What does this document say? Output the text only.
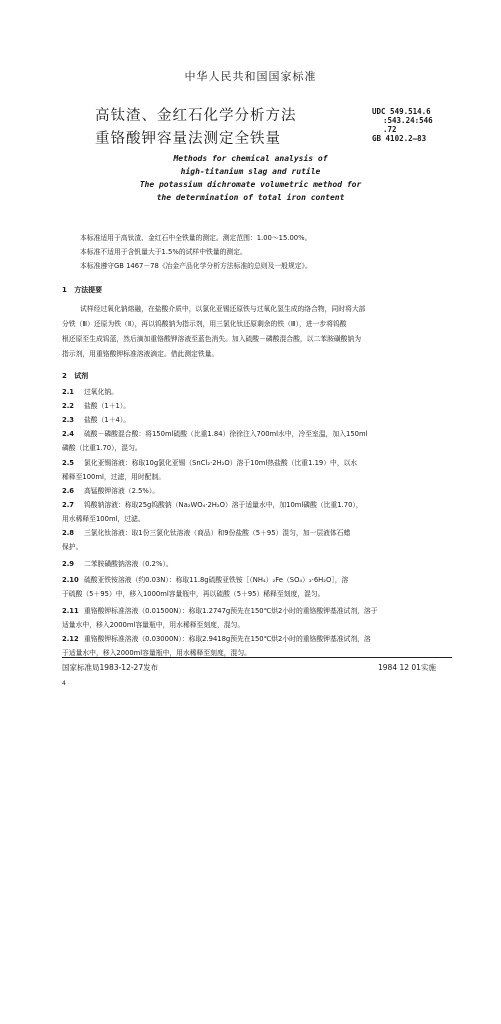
中华人民共和国国家标准
高钛渣、金红石化学分析方法
重铬酸钾容量法测定全铁量
UDC 549.514.6
:543.24:546
.72
GB 4102.2—83
Methods for chemical analysis of
high-titanium slag and rutile
The potassium dichromate volumetric method for
the determination of total iron content
本标准适用于高钛渣、金红石中全铁量的测定。测定范围：1.00～15.00%。
本标准不适用于含钒量大于1.5%的试样中铁量的测定。
本标准遵守GB 1467－78《冶金产品化学分析方法标准的总则及一般规定》。
1 方法提要
试样经过氧化钠熔融，在盐酸介质中，以氯化亚锡还原铁与过氧化氢生成的络合物，同时将大部
分铁（Ⅲ）还原为铁（Ⅱ），再以钨酸钠为指示剂，用三氯化钛还原剩余的铁（Ⅲ），进一步将钨酸
根还原至生成钨蓝，然后滴加重铬酸钾溶液至蓝色消失。加入硫酸－磷酸混合酸，以二苯胺磺酸钠为
指示剂，用重铬酸钾标准溶液滴定。借此测定铁量。
2 试剂
2.1 过氧化钠。
2.2 盐酸（1＋1）。
2.3 盐酸（1＋4）。
2.4 硫酸－磷酸混合酸：将150ml硫酸（比重1.84）徐徐注入700ml水中，冷至室温，加入150ml
磷酸（比重1.70），混匀。
2.5 氯化亚锡溶液：称取10g氯化亚锡（SnCl₂·2H₂O）溶于10ml热盐酸（比重1.19）中，以水
稀释至100ml，过滤，用时配制。
2.6 高锰酸钾溶液（2.5%）。
2.7 钨酸钠溶液：称取25g钨酸钠（Na₂WO₄·2H₂O）溶于适量水中，加10ml磷酸（比重1.70），
用水稀释至100ml，过滤。
2.8 三氯化钛溶液：取1份三氯化钛溶液（商品）和9份盐酸（5＋95）混匀，加一层液体石蜡
保护。
2.9 二苯胺磺酸钠溶液（0.2%）。
2.10 硫酸亚铁铵溶液（约0.03N）：称取11.8g硫酸亚铁铵［（NH₄）₂Fe（SO₄）₂·6H₂O］，溶
于硫酸（5＋95）中，移入1000ml容量瓶中，再以硫酸（5＋95）稀释至刻度，混匀。
2.11 重铬酸钾标准溶液（0.01500N）：称取1.2747g预先在150℃烘2小时的重铬酸钾基准试剂，溶于
适量水中，移入2000ml容量瓶中，用水稀释至刻度，混匀。
2.12 重铬酸钾标准溶液（0.03000N）：称取2.9418g预先在150℃烘2小时的重铬酸钾基准试剂，溶
于适量水中，移入2000ml容量瓶中，用水稀释至刻度，混匀。
国家标准局1983-12-27发布	1984 12 01实施
4
